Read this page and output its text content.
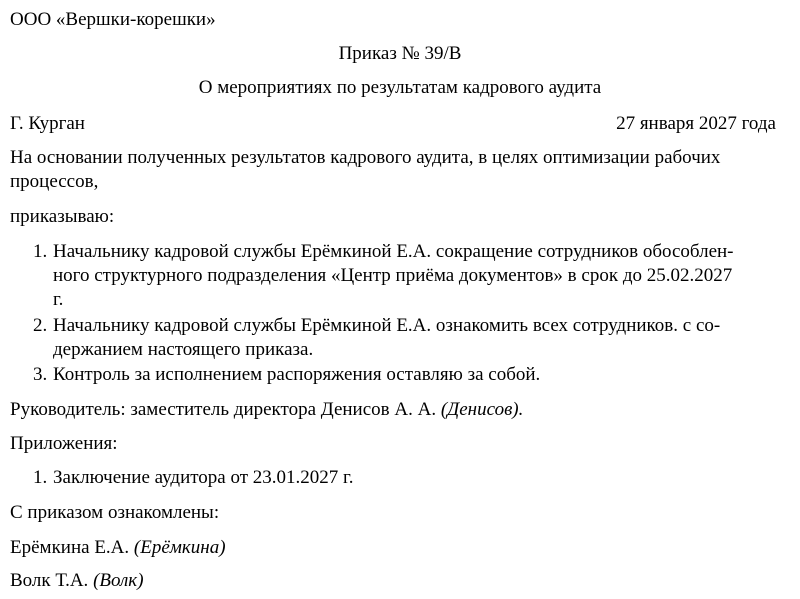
ООО «Вершки-корешки»
Приказ № 39/В
О мероприятиях по результатам кадрового аудита
Г. Курган	27 января 2027 года
На основании полученных результатов кадрового аудита, в целях оптимизации рабочих
процессов,
приказываю:
1. Начальнику кадровой службы Ерёмкиной Е.А. сокращение сотрудников обособлен-
ного структурного подразделения «Центр приёма документов» в срок до 25.02.2027
г.
2. Начальнику кадровой службы Ерёмкиной Е.А. ознакомить всех сотрудников. с со-
держанием настоящего приказа.
3. Контроль за исполнением распоряжения оставляю за собой.
Руководитель: заместитель директора Денисов А. А. (Денисов).
Приложения:
1. Заключение аудитора от 23.01.2027 г.
С приказом ознакомлены:
Ерёмкина Е.А. (Ерёмкина)
Волк Т.А. (Волк)
